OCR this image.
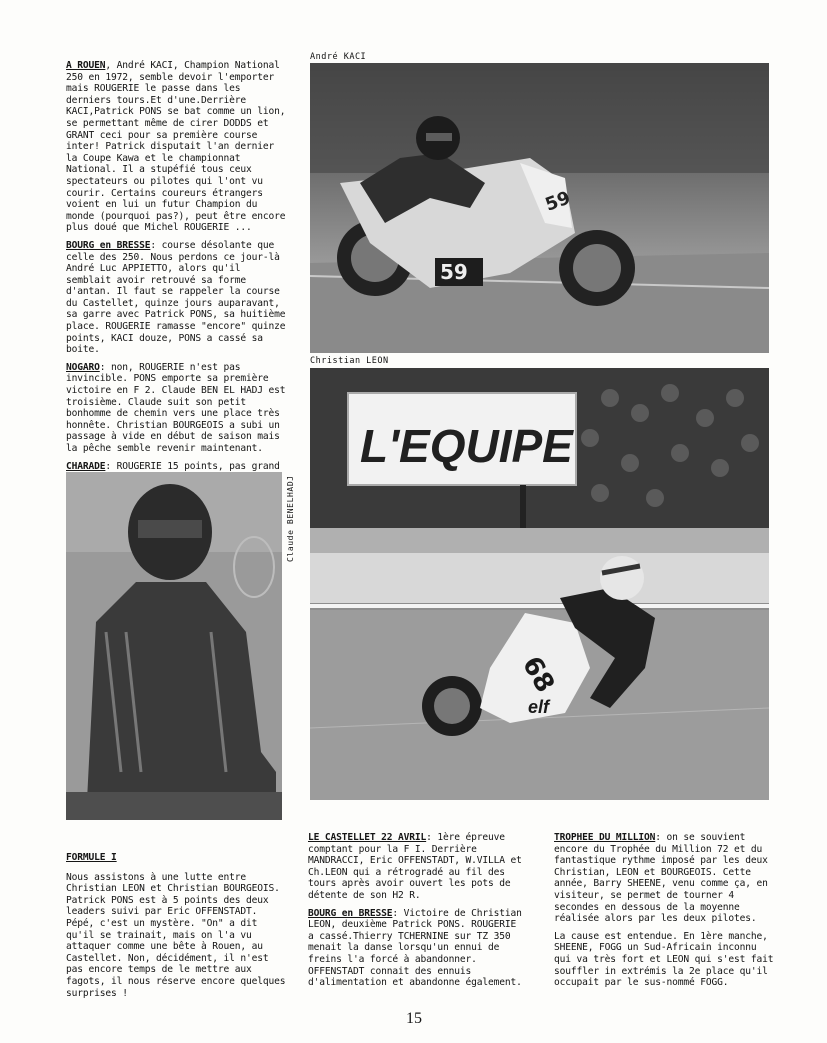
A ROUEN, André KACI, Champion National 250 en 1972, semble devoir l'emporter mais ROUGERIE le passe dans les derniers tours.Et d'une.Derrière KACI,Patrick PONS se bat comme un lion, se permettant même de cirer DODDS et GRANT ceci pour sa première course inter! Patrick disputait l'an dernier la Coupe Kawa et le championnat National. Il a stupéfié tous ceux spectateurs ou pilotes qui l'ont vu courir. Certains coureurs étrangers voient en lui un futur Champion du monde (pourquoi pas?), peut être encore plus doué que Michel ROUGERIE ...

BOURG en BRESSE: course désolante que celle des 250. Nous perdons ce jour-là André Luc APPIETTO, alors qu'il semblait avoir retrouvé sa forme d'antan. Il faut se rappeler la course du Castellet, quinze jours auparavant, sa garre avec Patrick PONS, sa huitième place. ROUGERIE ramasse "encore" quinze points, KACI douze, PONS a cassé sa boite.

NOGARO: non, ROUGERIE n'est pas invincible. PONS emporte sa première victoire en F 2. Claude BEN EL HADJ est troisième. Claude suit son petit bonhomme de chemin vers une place très honnête. Christian BOURGEOIS a subi un passage à vide en début de saison mais la pêche semble revenir maintenant.

CHARADE: ROUGERIE 15 points, pas grand

André KACI
59
59
Christian LEON
L'EQUIPE
68
elf
Claude BENELHADJ

FORMULE I

Nous assistons à une lutte entre Christian LEON et Christian BOURGEOIS. Patrick PONS est à 5 points des deux leaders suivi par Eric OFFENSTADT. Pépé, c'est un mystère. "On" a dit qu'il se trainait, mais on l'a vu attaquer comme une bête à Rouen, au Castellet. Non, décidément, il n'est pas encore temps de le mettre aux fagots, il nous réserve encore quelques surprises !

LE CASTELLET 22 AVRIL: 1ère épreuve comptant pour la F I. Derrière MANDRACCI, Eric OFFENSTADT, W.VILLA et Ch.LEON qui a rétrogradé au fil des tours après avoir ouvert les pots de détente de son H2 R.

BOURG en BRESSE: Victoire de Christian LEON, deuxième Patrick PONS. ROUGERIE a cassé.Thierry TCHERNINE sur TZ 350 menait la danse lorsqu'un ennui de freins l'a forcé à abandonner. OFFENSTADT connait des ennuis d'alimentation et abandonne également.

TROPHEE DU MILLION: on se souvient encore du Trophée du Million 72 et du fantastique rythme imposé par les deux Christian, LEON et BOURGEOIS. Cette année, Barry SHEENE, venu comme ça, en visiteur, se permet de tourner 4 secondes en dessous de la moyenne réalisée alors par les deux pilotes.

La cause est entendue. En 1ère manche, SHEENE, FOGG un Sud-Africain inconnu qui va très fort et LEON qui s'est fait souffler in extrémis la 2e place qu'il occupait par le sus-nommé FOGG.

15
